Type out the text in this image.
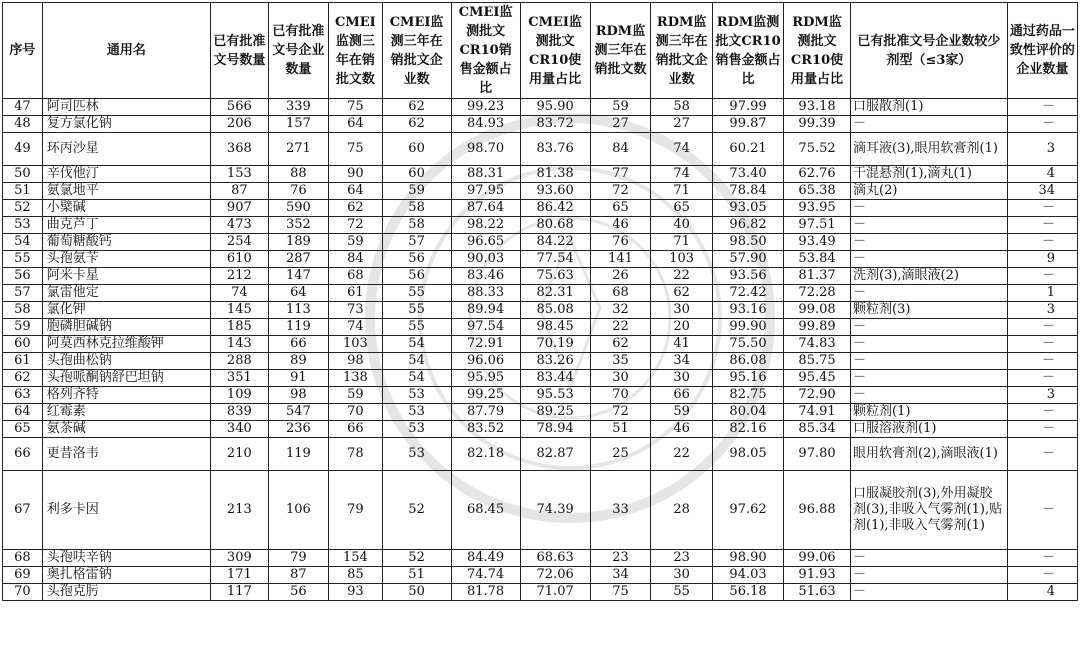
序号	通用名	已有批准文号数量	已有批准文号企业数量	CMEI监测三年在销批文数	CMEI监测三年在销批文企业数	CMEI监测批文CR10销售金额占比	CMEI监测批文CR10使用量占比	RDM监测三年在销批文数	RDM监测三年在销批文企业数	RDM监测批文CR10销售金额占比	RDM监测批文CR10使用量占比	已有批准文号企业数较少剂型（≤3家）	通过药品一致性评价的企业数量
47	阿司匹林	566	339	75	62	99.23	95.90	59	58	97.99	93.18	口服散剂(1)	－
48	复方氯化钠	206	157	64	62	84.93	83.72	27	27	99.87	99.39	－	－
49	环丙沙星	368	271	75	60	98.70	83.76	84	74	60.21	75.52	滴耳液(3),眼用软膏剂(1)	3
50	辛伐他汀	153	88	90	60	88.31	81.38	77	74	73.40	62.76	干混悬剂(1),滴丸(1)	4
51	氨氯地平	87	76	64	59	97.95	93.60	72	71	78.84	65.38	滴丸(2)	34
52	小檗碱	907	590	62	58	87.64	86.42	65	65	93.05	93.95	－	－
53	曲克芦丁	473	352	72	58	98.22	80.68	46	40	96.82	97.51	－	－
54	葡萄糖酸钙	254	189	59	57	96.65	84.22	76	71	98.50	93.49	－	－
55	头孢氨苄	610	287	84	56	90.03	77.54	141	103	57.90	53.84	－	9
56	阿米卡星	212	147	68	56	83.46	75.63	26	22	93.56	81.37	洗剂(3),滴眼液(2)	－
57	氯雷他定	74	64	61	55	88.33	82.31	68	62	72.42	72.28	－	1
58	氯化钾	145	113	73	55	89.94	85.08	32	30	93.16	99.08	颗粒剂(3)	3
59	胞磷胆碱钠	185	119	74	55	97.54	98.45	22	20	99.90	99.89	－	－
60	阿莫西林克拉维酸钾	143	66	103	54	72.91	70.19	62	41	75.50	74.83	－	－
61	头孢曲松钠	288	89	98	54	96.06	83.26	35	34	86.08	85.75	－	－
62	头孢哌酮钠舒巴坦钠	351	91	138	54	95.95	83.44	30	30	95.16	95.45	－	－
63	格列齐特	109	98	59	53	99.25	95.53	70	66	82.75	72.90	－	3
64	红霉素	839	547	70	53	87.79	89.25	72	59	80.04	74.91	颗粒剂(1)	－
65	氨茶碱	340	236	66	53	83.52	78.94	51	46	82.16	85.34	口服溶液剂(1)	－
66	更昔洛韦	210	119	78	53	82.18	82.87	25	22	98.05	97.80	眼用软膏剂(2),滴眼液(1)	－
67	利多卡因	213	106	79	52	68.45	74.39	33	28	97.62	96.88	口服凝胶剂(3),外用凝胶剂(3),非吸入气雾剂(1),贴剂(1),非吸入气雾剂(1)	－
68	头孢呋辛钠	309	79	154	52	84.49	68.63	23	23	98.90	99.06	－	－
69	奥扎格雷钠	171	87	85	51	74.74	72.06	34	30	94.03	91.93	－	－
70	头孢克肟	117	56	93	50	81.78	71.07	75	55	56.18	51.63	－	4
